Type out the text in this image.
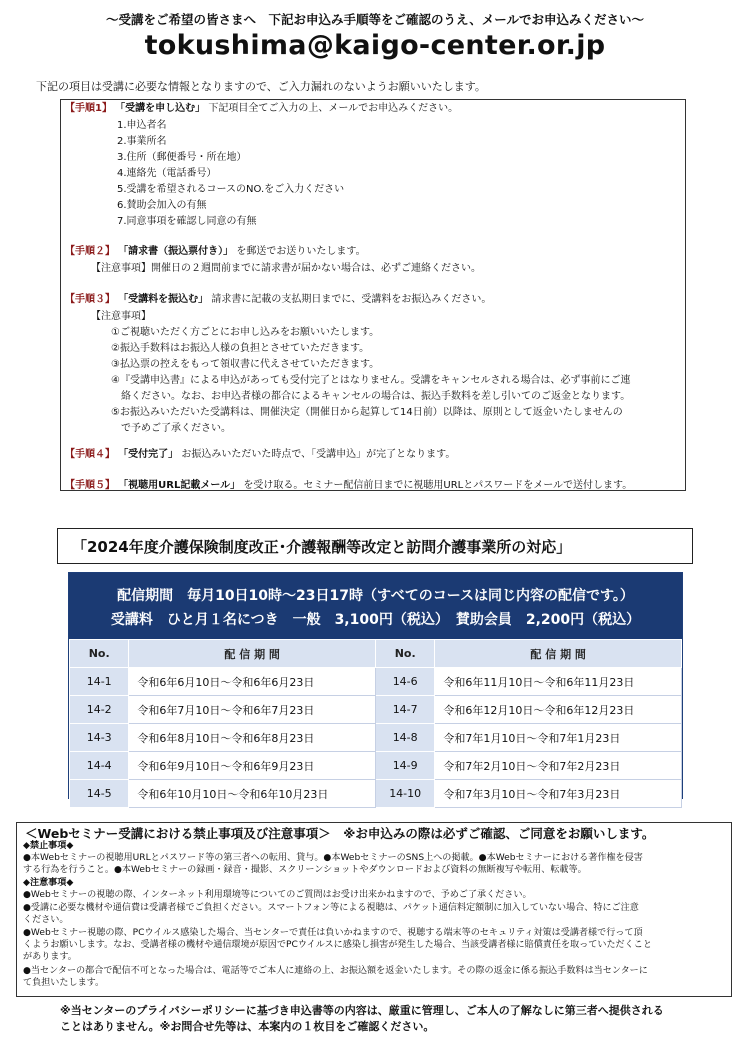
～受講をご希望の皆さまへ　下記お申込み手順等をご確認のうえ、メールでお申込みください～
tokushima@kaigo-center.or.jp
下記の項目は受講に必要な情報となりますので、ご入力漏れのないようお願いいたします。
【手順1】 「受講を申し込む」 下記項目全てご入力の上、メールでお申込みください。
1.申込者名
2.事業所名
3.住所（郵便番号・所在地）
4.連絡先（電話番号）
5.受講を希望されるコースのNO.をご入力ください
6.賛助会加入の有無
7.同意事項を確認し同意の有無
【手順２】 「請求書（振込票付き）」 を郵送でお送りいたします。
【注意事項】開催日の２週間前までに請求書が届かない場合は、必ずご連絡ください。
【手順３】 「受講料を振込む」 請求書に記載の支払期日までに、受講料をお振込みください。
【注意事項】
①ご視聴いただく方ごとにお申し込みをお願いいたします。
②振込手数料はお振込人様の負担とさせていただきます。
③払込票の控えをもって領収書に代えさせていただきます。
④『受講申込書』による申込があっても受付完了とはなりません。受講をキャンセルされる場合は、必ず事前にご連
　絡ください。なお、お申込者様の都合によるキャンセルの場合は、振込手数料を差し引いてのご返金となります。
⑤お振込みいただいた受講料は、開催決定（開催日から起算して14日前）以降は、原則として返金いたしませんの
　で予めご了承ください。
【手順４】 「受付完了」 お振込みいただいた時点で、「受講申込」が完了となります。
【手順５】 「視聴用URL記載メール」 を受け取る。セミナー配信前日までに視聴用URLとパスワードをメールで送付します。
「2024年度介護保険制度改正･介護報酬等改定と訪問介護事業所の対応」
配信期間　毎月10日10時～23日17時（すべてのコースは同じ内容の配信です。）
受講料　ひと月１名につき　一般　3,100円（税込）　賛助会員　2,200円（税込）
No.	配 信 期 間	No.	配 信 期 間
14-1	令和6年6月10日～令和6年6月23日	14-6	令和6年11月10日～令和6年11月23日
14-2	令和6年7月10日～令和6年7月23日	14-7	令和6年12月10日～令和6年12月23日
14-3	令和6年8月10日～令和6年8月23日	14-8	令和7年1月10日～令和7年1月23日
14-4	令和6年9月10日～令和6年9月23日	14-9	令和7年2月10日～令和7年2月23日
14-5	令和6年10月10日～令和6年10月23日	14-10	令和7年3月10日～令和7年3月23日
＜Webセミナー受講における禁止事項及び注意事項＞　※お申込みの際は必ずご確認、ご同意をお願いします。
◆禁止事項◆
●本Webセミナーの視聴用URLとパスワード等の第三者への転用、貸与。●本WebセミナーのSNS上への掲載。●本Webセミナーにおける著作権を侵害
する行為を行うこと。●本Webセミナーの録画・録音・撮影、スクリーンショットやダウンロードおよび資料の無断複写や転用、転載等。
◆注意事項◆
●Webセミナーの視聴の際、インターネット利用環境等についてのご質問はお受け出来かねますので、予めご了承ください。
●受講に必要な機材や通信費は受講者様でご負担ください。スマートフォン等による視聴は、パケット通信料定額制に加入していない場合、特にご注意
ください。
●Webセミナー視聴の際、PCウイルス感染した場合、当センターで責任は負いかねますので、視聴する端末等のセキュリティ対策は受講者様で行って頂
くようお願いします。なお、受講者様の機材や通信環境が原因でPCウイルスに感染し損害が発生した場合、当該受講者様に賠償責任を取っていただくこと
があります。
●当センターの都合で配信不可となった場合は、電話等でご本人に連絡の上、お振込額を返金いたします。その際の返金に係る振込手数料は当センターに
て負担いたします。
※当センターのプライバシーポリシーに基づき申込書等の内容は、厳重に管理し、ご本人の了解なしに第三者へ提供される
ことはありません。※お問合せ先等は、本案内の１枚目をご確認ください。
